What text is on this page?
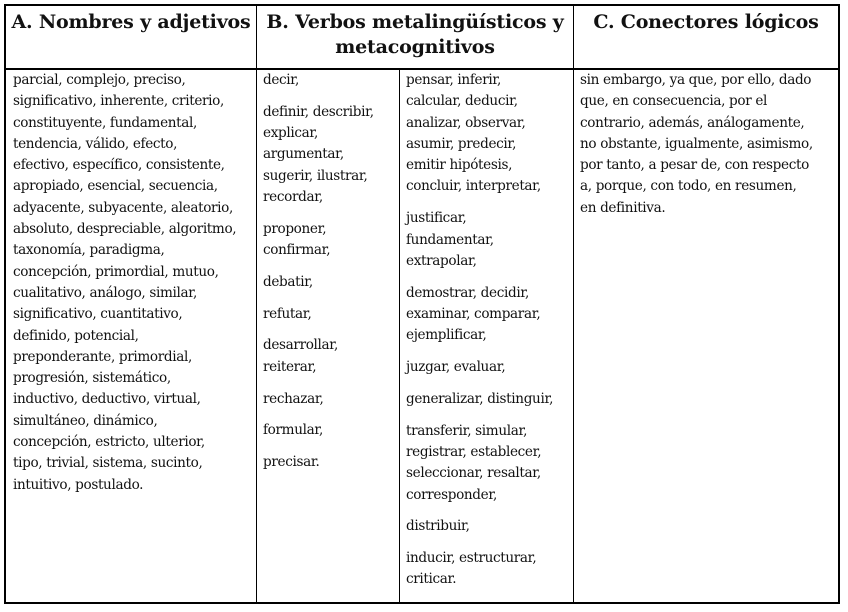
A. Nombres y adjetivos B. Verbos metalingüísticos y
metacognitivos
C. Conectores lógicos
parcial, complejo, preciso,
significativo, inherente, criterio,
constituyente, fundamental,
tendencia, válido, efecto,
efectivo, específico, consistente,
apropiado, esencial, secuencia,
adyacente, subyacente, aleatorio,
absoluto, despreciable, algoritmo,
taxonomía, paradigma,
concepción, primordial, mutuo,
cualitativo, análogo, similar,
significativo, cuantitativo,
definido, potencial,
preponderante, primordial,
progresión, sistemático,
inductivo, deductivo, virtual,
simultáneo, dinámico,
concepción, estricto, ulterior,
tipo, trivial, sistema, sucinto,
intuitivo, postulado.
decir,
definir, describir,
explicar,
argumentar,
sugerir, ilustrar,
recordar,
proponer,
confirmar,
debatir,
refutar,
desarrollar,
reiterar,
rechazar,
formular,
precisar.
pensar, inferir,
calcular, deducir,
analizar, observar,
asumir, predecir,
emitir hipótesis,
concluir, interpretar,
justificar,
fundamentar,
extrapolar,
demostrar, decidir,
examinar, comparar,
ejemplificar,
juzgar, evaluar,
generalizar, distinguir,
transferir, simular,
registrar, establecer,
seleccionar, resaltar,
corresponder,
distribuir,
inducir, estructurar,
criticar.
sin embargo, ya que, por ello, dado
que, en consecuencia, por el
contrario, además, análogamente,
no obstante, igualmente, asimismo,
por tanto, a pesar de, con respecto
a, porque, con todo, en resumen,
en definitiva.
